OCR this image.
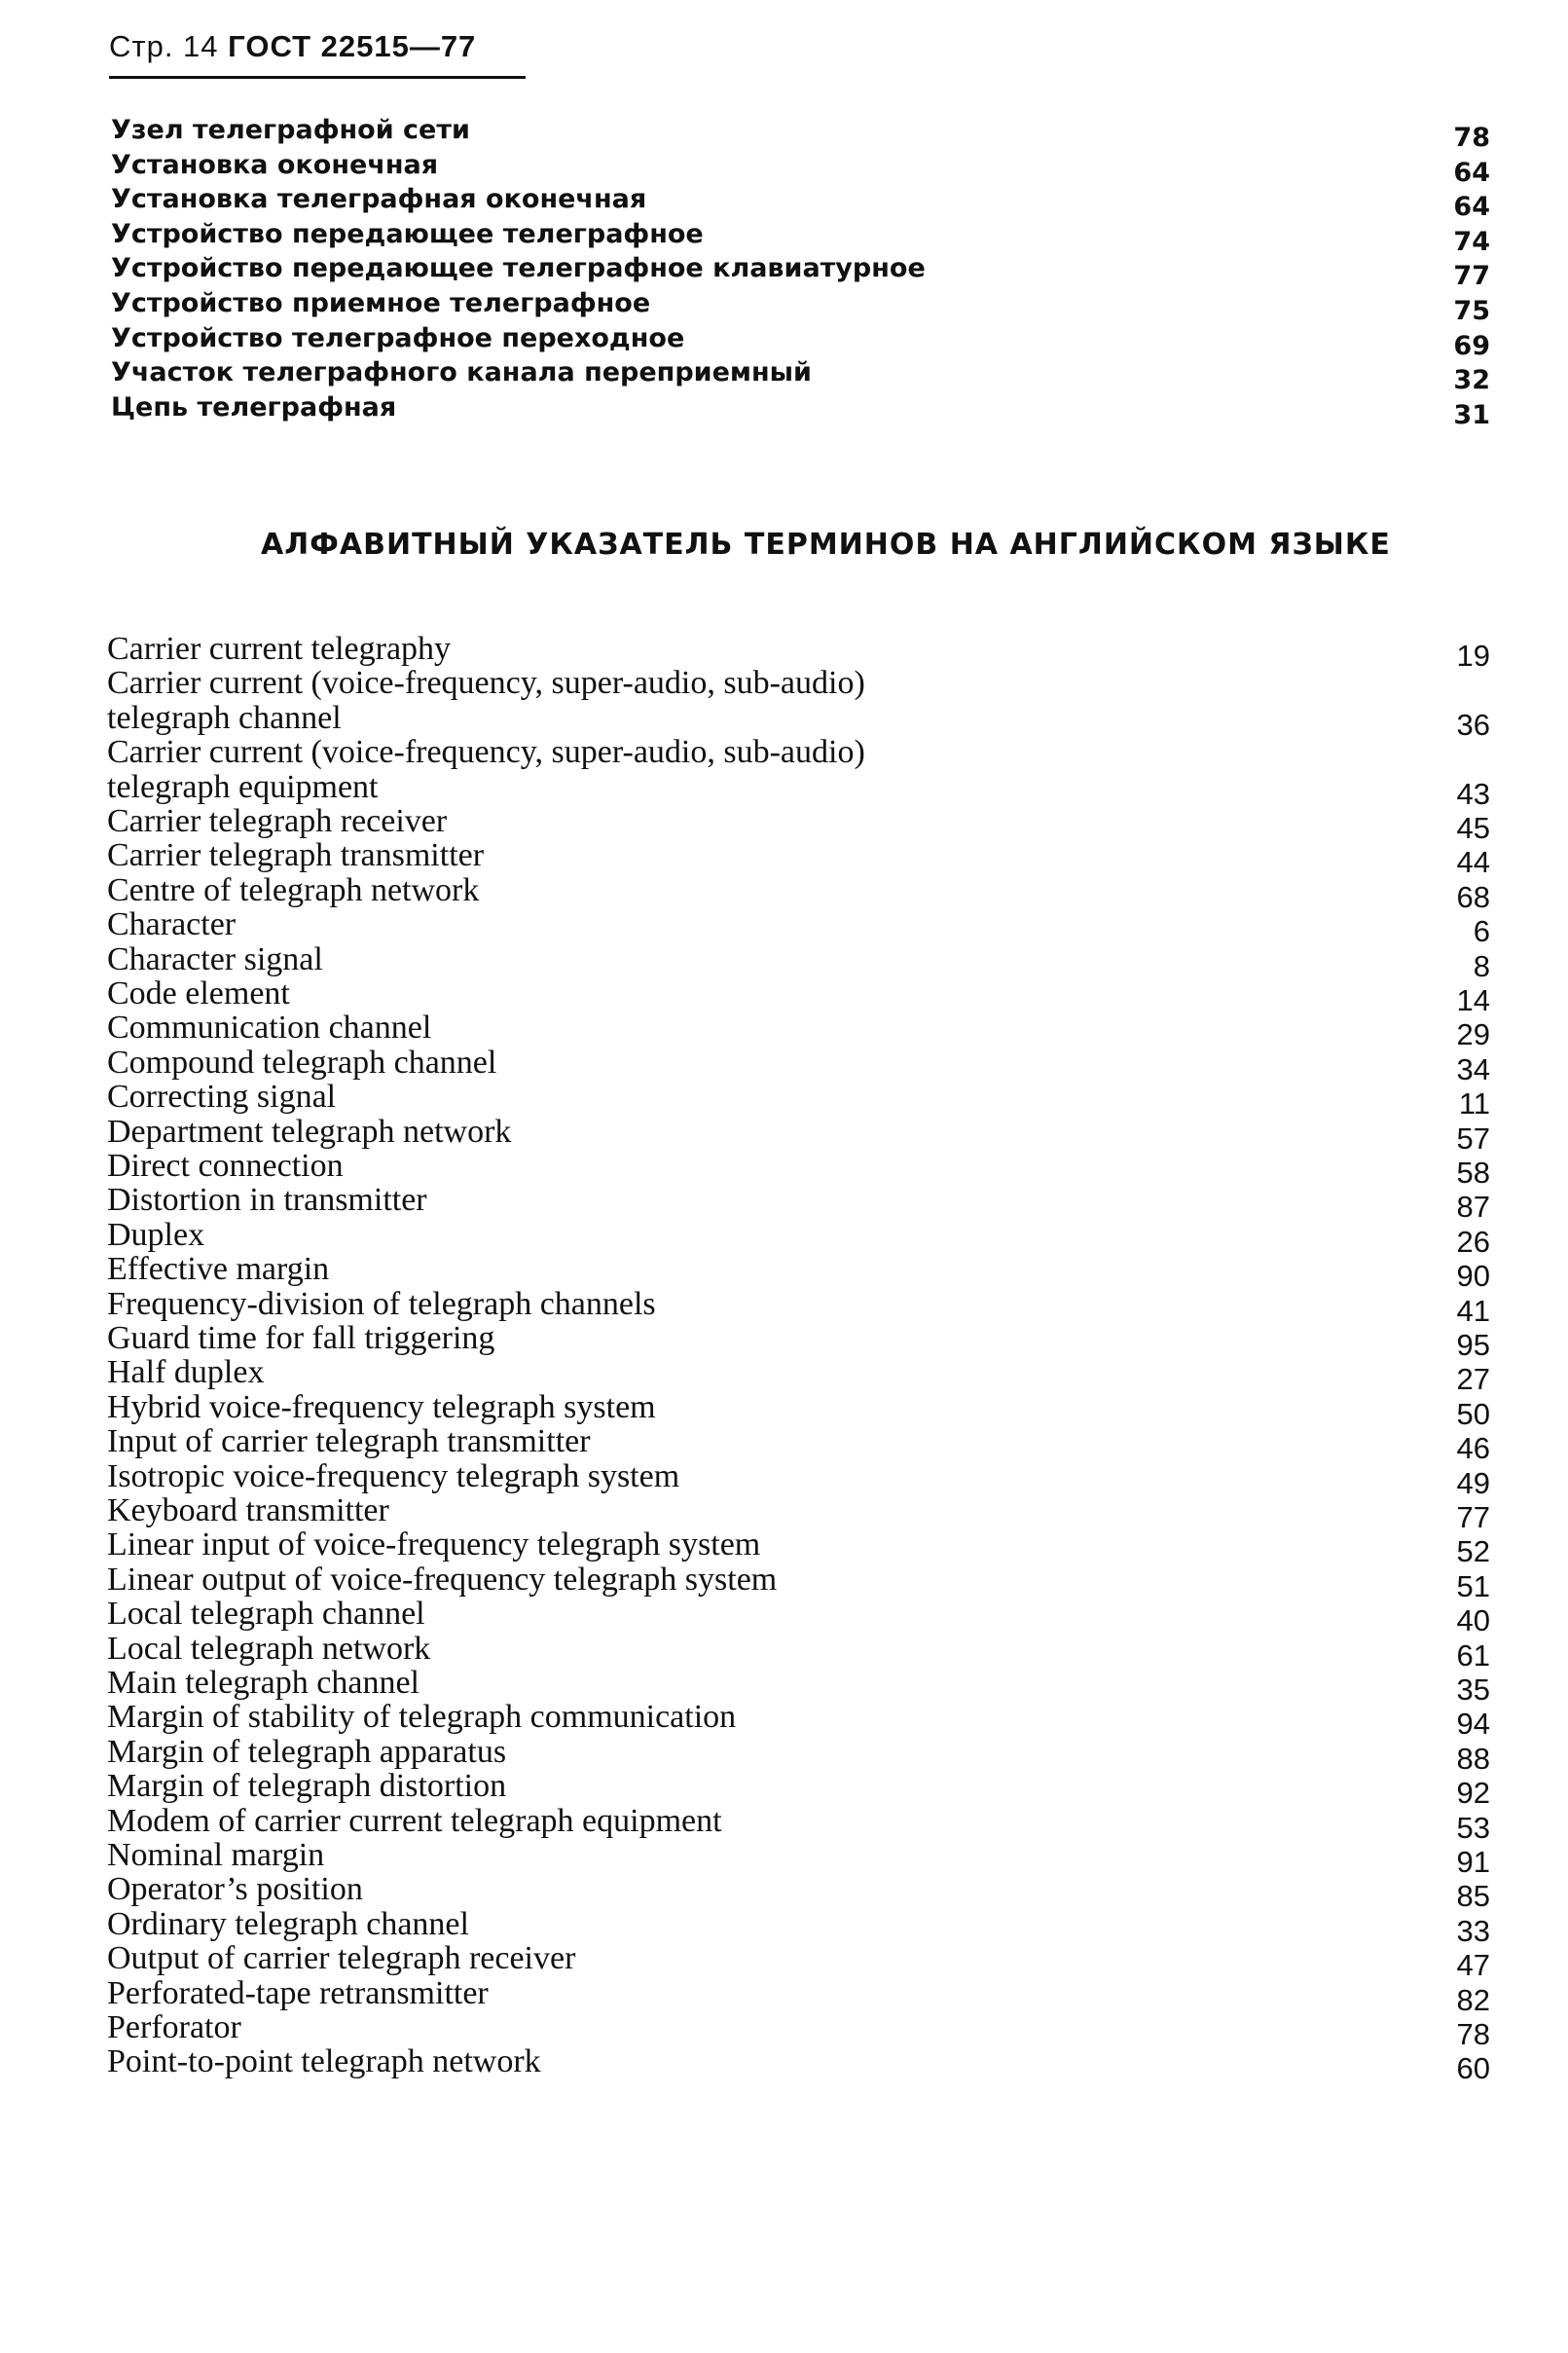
Стр. 14 ГОСТ 22515—77
Узел телеграфной сети	78
Установка оконечная	64
Установка телеграфная оконечная	64
Устройство передающее телеграфное	74
Устройство передающее телеграфное клавиатурное	77
Устройство приемное телеграфное	75
Устройство телеграфное переходное	69
Участок телеграфного канала переприемный	32
Цепь телеграфная	31
АЛФАВИТНЫЙ УКАЗАТЕЛЬ ТЕРМИНОВ НА АНГЛИЙСКОМ ЯЗЫКЕ
Carrier current telegraphy	19
Carrier current (voice-frequency, super-audio, sub-audio)
telegraph channel	36
Carrier current (voice-frequency, super-audio, sub-audio)
telegraph equipment	43
Carrier telegraph receiver	45
Carrier telegraph transmitter	44
Centre of telegraph network	68
Character	6
Character signal	8
Code element	14
Communication channel	29
Compound telegraph channel	34
Correcting signal	11
Department telegraph network	57
Direct connection	58
Distortion in transmitter	87
Duplex	26
Effective margin	90
Frequency-division of telegraph channels	41
Guard time for fall triggering	95
Half duplex	27
Hybrid voice-frequency telegraph system	50
Input of carrier telegraph transmitter	46
Isotropic voice-frequency telegraph system	49
Keyboard transmitter	77
Linear input of voice-frequency telegraph system	52
Linear output of voice-frequency telegraph system	51
Local telegraph channel	40
Local telegraph network	61
Main telegraph channel	35
Margin of stability of telegraph communication	94
Margin of telegraph apparatus	88
Margin of telegraph distortion	92
Modem of carrier current telegraph equipment	53
Nominal margin	91
Operator’s position	85
Ordinary telegraph channel	33
Output of carrier telegraph receiver	47
Perforated-tape retransmitter	82
Perforator	78
Point-to-point telegraph network	60
